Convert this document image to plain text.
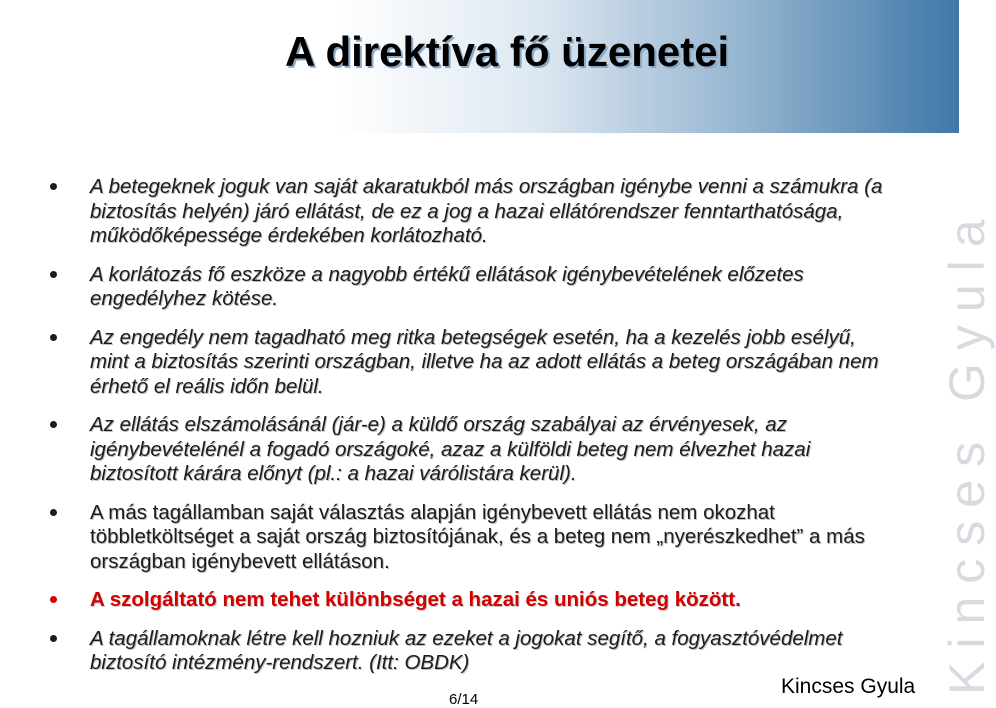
A direktíva fő üzenetei
Kincses Gyula
A betegeknek joguk van saját akaratukból más országban igénybe venni a számukra (a biztosítás helyén) járó ellátást, de ez a jog a hazai ellátórendszer fenntarthatósága, működőképessége érdekében korlátozható.
A korlátozás fő eszköze a nagyobb értékű ellátások igénybevételének előzetes engedélyhez kötése.
Az engedély nem tagadható meg ritka betegségek esetén, ha a kezelés jobb esélyű, mint a biztosítás szerinti országban, illetve ha az adott ellátás a beteg országában nem érhető el reális időn belül.
Az ellátás elszámolásánál (jár-e) a küldő ország szabályai az érvényesek, az igénybevételénél a fogadó országoké, azaz a külföldi beteg nem élvezhet hazai biztosított kárára előnyt (pl.: a hazai várólistára kerül).
A más tagállamban saját választás alapján igénybevett ellátás nem okozhat többletköltséget a saját ország biztosítójának, és a beteg nem „nyerészkedhet” a más országban igénybevett ellátáson.
A szolgáltató nem tehet különbséget a hazai és uniós beteg között.
A tagállamoknak létre kell hozniuk az ezeket a jogokat segítő, a fogyasztóvédelmet biztosító intézmény-rendszert. (Itt: OBDK)
6/14
Kincses Gyula
